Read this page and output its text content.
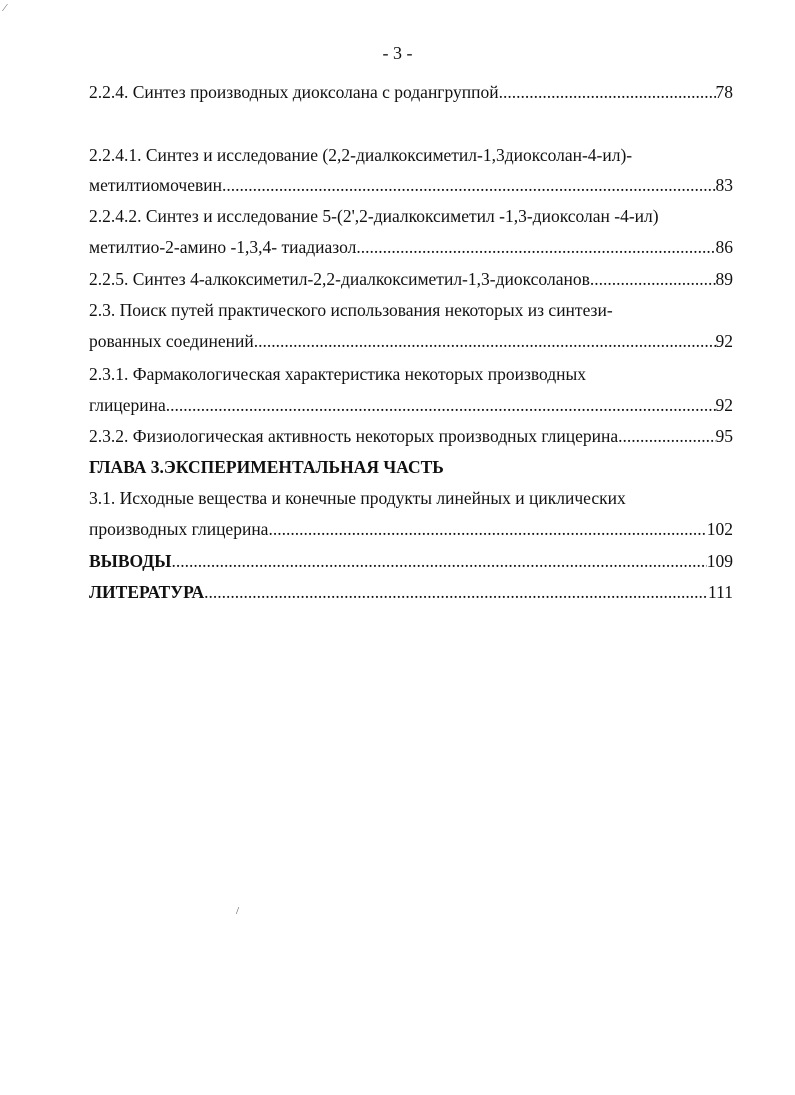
⁄
/
- 3 -
2.2.4. Синтез производных диоксолана с родангруппой .....	78
2.2.4.1. Синтез и исследование (2,2-диалкоксиметил-1,3диоксолан-4-ил)-
метилтиомочевин .....	83
2.2.4.2. Синтез и исследование 5-(2',2-диалкоксиметил -1,3-диоксолан -4-ил)
метилтио-2-амино -1,3,4- тиадиазол .....	86
2.2.5. Синтез 4-алкоксиметил-2,2-диалкоксиметил-1,3-диоксоланов .....	89
2.3. Поиск путей практического использования некоторых из синтези-
рованных соединений .....	92
2.3.1. Фармакологическая характеристика некоторых производных
глицерина .....	92
2.3.2. Физиологическая активность некоторых производных глицерина .....	95
ГЛАВА 3.ЭКСПЕРИМЕНТАЛЬНАЯ ЧАСТЬ
3.1. Исходные вещества и конечные продукты линейных и циклических
производных глицерина .....	102
ВЫВОДЫ .....	109
ЛИТЕРАТУРА .....	111
